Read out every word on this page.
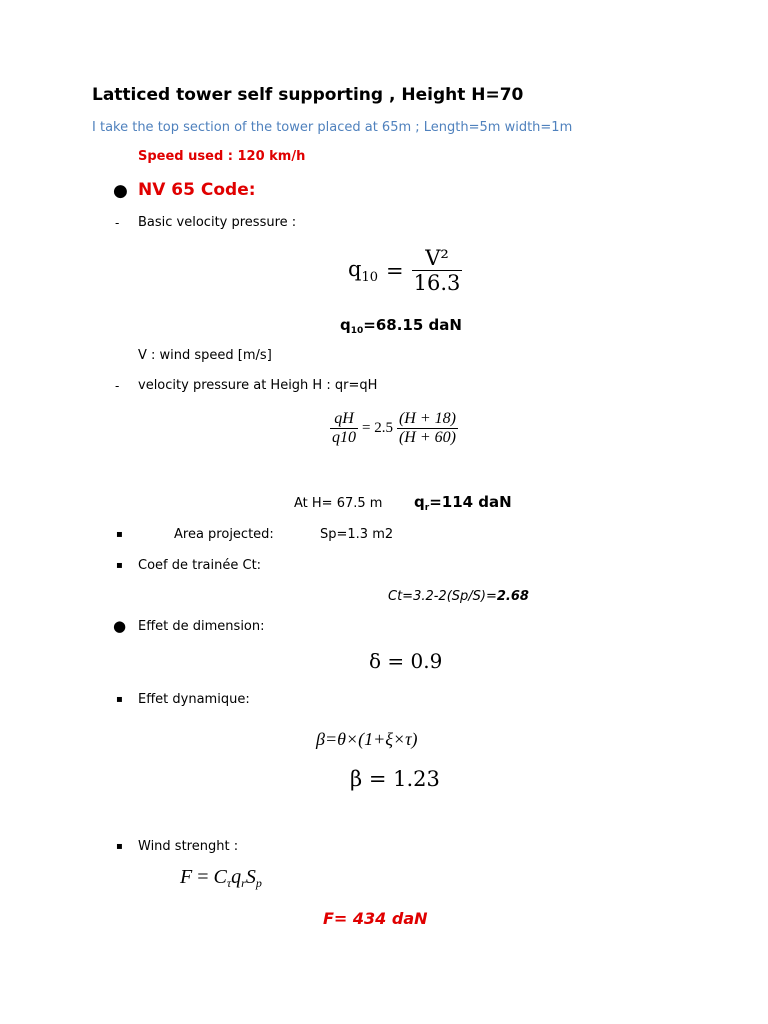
Latticed tower self supporting , Height H=70
I take the top section of the tower placed at 65m ; Length=5m width=1m
Speed used : 120 km/h
● NV 65 Code:
- Basic velocity pressure :
$q_{10} = \frac{\text{V²}}{16.3}$
$q_{10}=68.15$ daN
V : wind speed [m/s]
- velocity pressure at Heigh H : qr=qH
$\frac{qH}{q10} = 2.5 \frac{(H + 18)}{(H + 60)}$
At H= 67.5 m $q_r=114$ daN
▪	Area projected:	Sp=1.3 m2
▪ Coef de trainée Ct:
Ct=3.2-2(Sp/S)=2.68
● Effet de dimension:
δ = 0.9
▪ Effet dynamique:
β=θ×(1+ξ×τ)
β = 1.23
▪ Wind strenght :
$F = C_\tau q_rS_p$
F= 434 daN
